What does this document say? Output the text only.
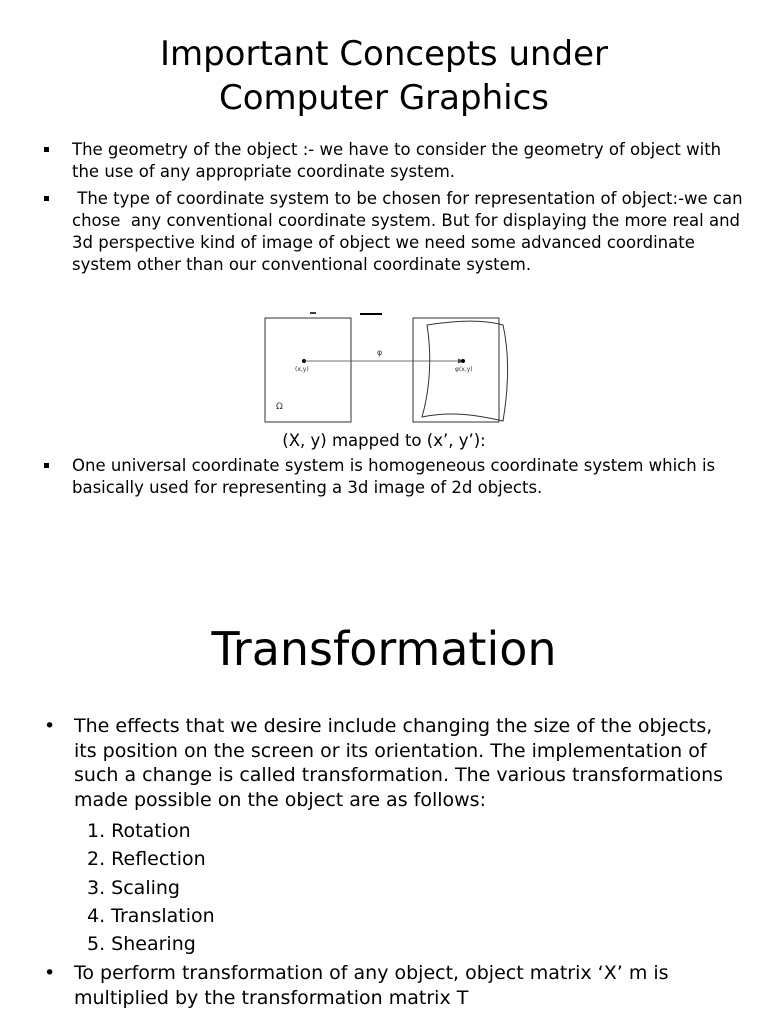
Important Concepts under
Computer Graphics
The geometry of the object :- we have to consider the geometry of object with the use of any appropriate coordinate system.
The type of coordinate system to be chosen for representation of object:-we can chose  any conventional coordinate system. But for displaying the more real and 3d perspective kind of image of object we need some advanced coordinate system other than our conventional coordinate system.
Ω
(x,y)
φ
φ(x,y)
(X, y) mapped to (x’, y’):
One universal coordinate system is homogeneous coordinate system which is basically used for representing a 3d image of 2d objects.
Transformation
• The effects that we desire include changing the size of the objects, its position on the screen or its orientation. The implementation of such a change is called transformation. The various transformations made possible on the object are as follows:
1. Rotation
2. Reflection
3. Scaling
4. Translation
5. Shearing
• To perform transformation of any object, object matrix ‘X’ m is multiplied by the transformation matrix T
